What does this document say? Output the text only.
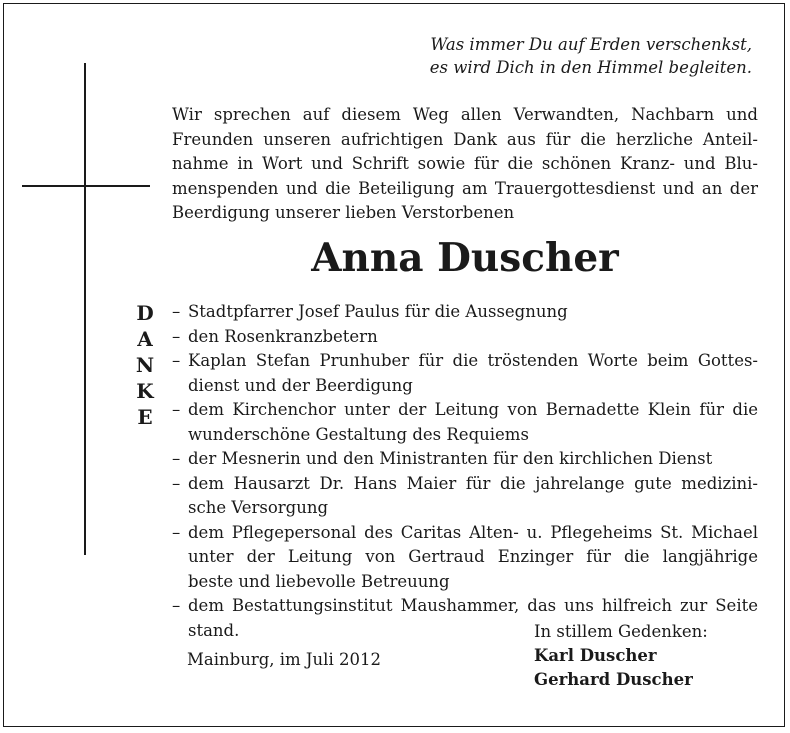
Was immer Du auf Erden verschenkst,
es wird Dich in den Himmel begleiten.
Wir sprechen auf diesem Weg allen Verwandten, Nachbarn und
Freunden unseren aufrichtigen Dank aus für die herzliche Anteil-
nahme in Wort und Schrift sowie für die schönen Kranz- und Blu-
menspenden und die Beteiligung am Trauergottesdienst und an der
Beerdigung unserer lieben Verstorbenen
Anna Duscher
D
A
N
K
E
– Stadtpfarrer Josef Paulus für die Aussegnung
– den Rosenkranzbetern
– Kaplan Stefan Prunhuber für die tröstenden Worte beim Gottes-
dienst und der Beerdigung
– dem Kirchenchor unter der Leitung von Bernadette Klein für die
wunderschöne Gestaltung des Requiems
– der Mesnerin und den Ministranten für den kirchlichen Dienst
– dem Hausarzt Dr. Hans Maier für die jahrelange gute medizini-
sche Versorgung
– dem Pflegepersonal des Caritas Alten- u. Pflegeheims St. Michael
unter der Leitung von Gertraud Enzinger für die langjährige
beste und liebevolle Betreuung
– dem Bestattungsinstitut Maushammer, das uns hilfreich zur Seite
stand.
Mainburg, im Juli 2012
In stillem Gedenken:
Karl Duscher
Gerhard Duscher
